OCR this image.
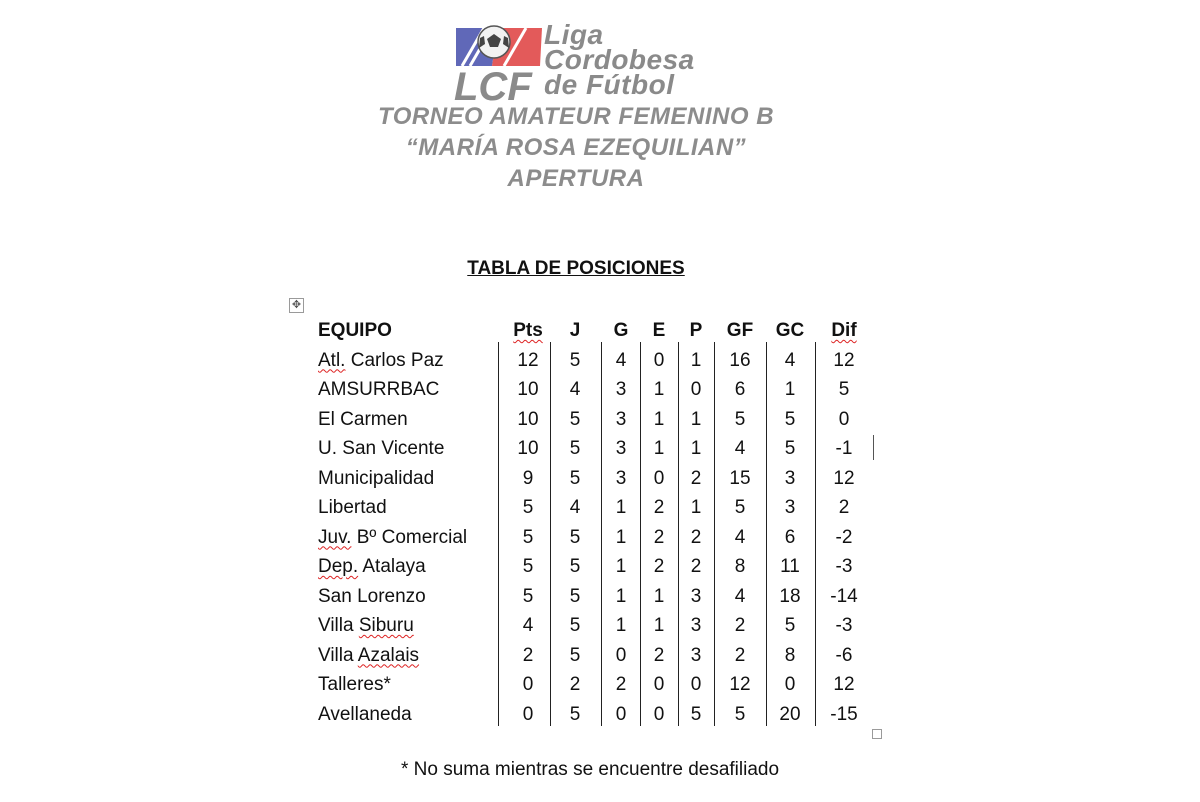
LCF
Liga
Cordobesa
de Fútbol
TORNEO AMATEUR FEMENINO B
“MARÍA ROSA EZEQUILIAN”
APERTURA
TABLA DE POSICIONES
✥
EQUIPO	Pts	J	G	E	P	GF	GC	Dif
Atl. Carlos Paz	12	5	4	0	1	16	4	12
AMSURRBAC	10	4	3	1	0	6	1	5
El Carmen	10	5	3	1	1	5	5	0
U. San Vicente	10	5	3	1	1	4	5	-1
Municipalidad	9	5	3	0	2	15	3	12
Libertad	5	4	1	2	1	5	3	2
Juv. Bº Comercial	5	5	1	2	2	4	6	-2
Dep. Atalaya	5	5	1	2	2	8	11	-3
San Lorenzo	5	5	1	1	3	4	18	-14
Villa Siburu	4	5	1	1	3	2	5	-3
Villa Azalais	2	5	0	2	3	2	8	-6
Talleres*	0	2	2	0	0	12	0	12
Avellaneda	0	5	0	0	5	5	20	-15
* No suma mientras se encuentre desafiliado
